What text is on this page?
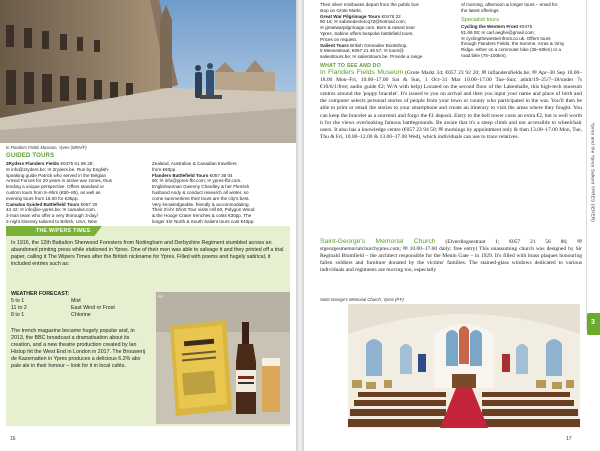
In Flanders Fields Museum, Ypres (MRH/F)
GUIDED TOURS
2Ryders Flanders Fields €0475 51 98 28;
✉ info@2ryders.be; ✉ 2ryders.be. Run by English-
speaking guide Patrick who served in the Belgian
Armed Forces for 20 years in active war zones, thus
lending a unique perspective. Offers standard or
custom tours from 5–9hrs (€50–85), as well as
evening tours from 18.00 for €35pp.
Camalos Guided Battlefield Tours €057 20
43 42; ✉ info@ie-ypres.be; ✉ camalos.com.
2-man team who offer a very thorough 3-day/
2-night itinerary tailored to British, USA, New
Zealand, Australian & Canadian travellers
from €60pp.
Flanders Battlefield Tours €057 36 04
60; ✉ info@ypres-fbt.com; ✉ ypres-fbt.com.
Englishwoman Gwenny Chardley & her Flemish
husband Andy & conduct research all winter, so
come summertime their tours are the city's best.
Very knowledgeable, friendly & accommodating.
Their 2½hr Short Tour visits Hill 60, Polygon Wood
& the Hooge Crater trenches & costs €30pp. The
longer 4hr North & South Salient tours cost €40pp.
THE WIPERS TIMES
In 1916, the 12th Battalion Sherwood Foresters from Nottingham and Derbyshire Regiment stumbled across an abandoned printing press while stationed in Ypres. One of their men was able to salvage it and they printed off a trial paper, calling it The Wipers Times after the British nickname for Ypres. Filled with poems and hugely satirical, it included entries such as:
WEATHER FORECAST:
5 to 1	Mist
11 to 2	East Wind or Frost
8 to 1	Chlorine
The trench magazine became hugely popular and, in 2013, the BBC broadcast a dramatisation about its creation, and a new theatre production created by Ian Hislop hit the West End in London in 2017. The Brouwerij de Kazematten in Ypres produces a delicious 6.2% abv pale ale in their honour – look for it in local cafés.
P.F
16
Their silver minibuses depart from the public bus
stop on Grote Markt.
Great War Pilgrimage Tours €0476 22
90 16; ✉ sabinedeclercq72@hotmail.com;
✉ greatwarpilgrimage.com. Born & raised near
Ypres, Sabine offers bespoke battlefield tours.
Prices on request.
Salient Tours British Grenadier Bookshop,
5 Meenestraat; €057 21 46 57; ✉ tours@
salienttours.be; ✉ salienttours.be. Provide a range
of morning, afternoon & longer tours – email for
the latest offerings.
Specialist tours
Cycling the Western Front €0475
81 66 08; ✉ carl.aeghe@gmail.com;
✉ cyclingthewesternfront.co.uk. Offers tours
through Flanders Fields, the Somme, Arras & Vimy
Ridge, either on a commuter bike (35–50km) or a
road bike (75–100km).
WHAT TO SEE AND DO
In Flanders Fields Museum (Grote Markt 34; €057 23 92 20; ✉ inflandersfields.be; ✉ Apr–30 Sep 10.00–18.00 Mon–Fri, 10.00–17.00 Sat & Sun, 1 Oct–31 Mar 10.00–17.00 Tue–Sun; adult/19–25/7–18/under 7s €10/6/1/free; audio guide €2; W/A with help) Located on the second floor of the Lakenhalle, this high-tech museum centres around the 'poppy bracelet'. It's issued to you on arrival and then you input your name and place of birth and the computer selects personal stories of people from your town or county who participated in the war. You'll then be able to print or email the stories to your smartphone and create an itinerary to visit the areas where they fought. You can keep the bracelet as a souvenir and forgo the €1 deposit. Entry to the bell tower costs an extra €2, but is well worth it for the views overlooking famous battlegrounds. Be aware that it's a steep climb and not accessible to wheelchair users. It also has a knowledge centre (€057 23 94 50; ✉ mornings by appointment only & then 13.00–17.00 Mon, Tue, Thu & Fri, 10.00–12.00 & 13.00–17.00 Wed), which individuals can use to trace relatives.
Saint-George's Memorial Church (Elverdingsestraat 1; €057 21 56 86; ✉ stgeorgesmemorialchurchypres.com; ✉ 10.00–17.00 daily; free entry) This unassuming church was designed by Sir Reginald Blomfield – the architect responsible for the Menin Gate – in 1929. It's filled with brass plaques honouring fallen soldiers and furniture donated by the victims' families. The stained-glass windows dedicated to various individuals and regiments are moving too, especially
Saint-George's Memorial Church, Ypres (P.F)
Ypres and the Ypres Salient YPRES (IEPER)
3
17
